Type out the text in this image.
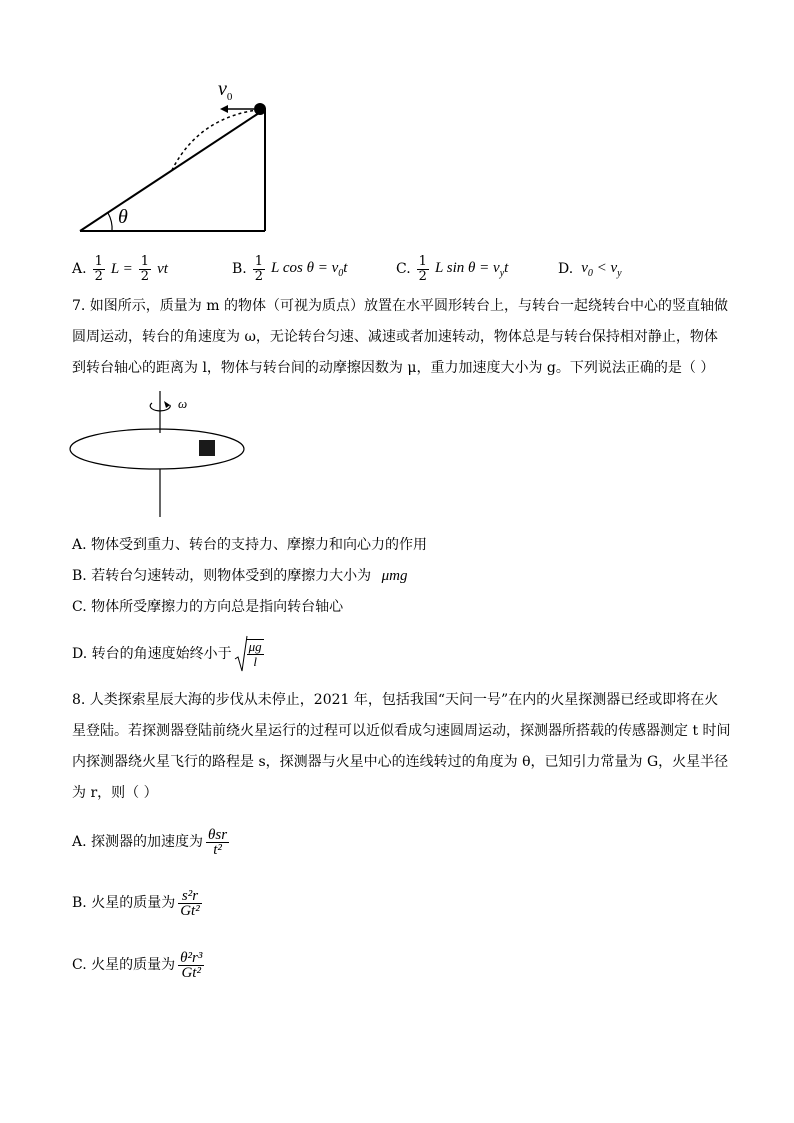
$v_0$
θ
A. $\frac{1}{2}$ $L = \frac{1}{2}$ vt	B. $\frac{1}{2}$ L $\cos \theta = v_0t$	C. $\frac{1}{2}$ L $\sin \theta = v_yt$	D. $v_0 < v_y$
7. 如图所示，质量为 m 的物体（可视为质点）放置在水平圆形转台上，与转台一起绕转台中心的竖直轴做
圆周运动，转台的角速度为 ω，无论转台匀速、减速或者加速转动，物体总是与转台保持相对静止，物体
到转台轴心的距离为 l，物体与转台间的动摩擦因数为 μ，重力加速度大小为 g。下列说法正确的是（ ）
ω
A. 物体受到重力、转台的支持力、摩擦力和向心力的作用
B. 若转台匀速转动，则物体受到的摩擦力大小为 μmg
C. 物体所受摩擦力的方向总是指向转台轴心
D. 转台的角速度始终小于 $\frac{\mu g}{l}$
8. 人类探索星辰大海的步伐从未停止，2021 年，包括我国“天问一号”在内的火星探测器已经或即将在火
星登陆。若探测器登陆前绕火星运行的过程可以近似看成匀速圆周运动，探测器所搭载的传感器测定 t 时间
内探测器绕火星飞行的路程是 s，探测器与火星中心的连线转过的角度为 θ，已知引力常量为 G，火星半径
为 r，则（ ）
A. 探测器的加速度为 $\frac{\text{θsr}}{\text{t²}}$
B. 火星的质量为 $\frac{\text{s²r}}{\text{Gt²}}$
C. 火星的质量为 $\frac{\text{θ²r³}}{\text{Gt²}}$
